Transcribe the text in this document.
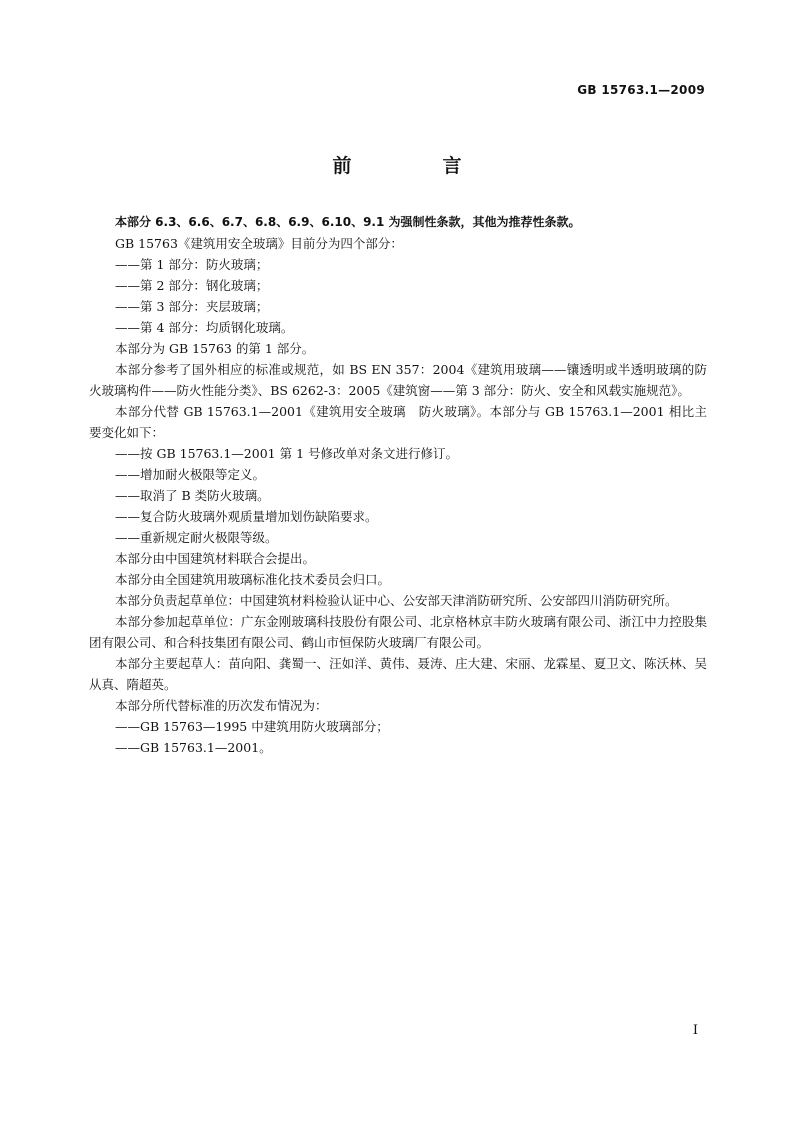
GB 15763.1—2009
前　言

本部分 6.3、6.6、6.7、6.8、6.9、6.10、9.1 为强制性条款，其他为推荐性条款。

GB 15763《建筑用安全玻璃》目前分为四个部分：

——第 1 部分：防火玻璃；

——第 2 部分：钢化玻璃；

——第 3 部分：夹层玻璃；

——第 4 部分：均质钢化玻璃。

本部分为 GB 15763 的第 1 部分。

本部分参考了国外相应的标准或规范，如 BS EN 357：2004《建筑用玻璃——镶透明或半透明玻璃的防火玻璃构件——防火性能分类》、BS 6262-3：2005《建筑窗——第 3 部分：防火、安全和风载实施规范》。

本部分代替 GB 15763.1—2001《建筑用安全玻璃　防火玻璃》。本部分与 GB 15763.1—2001 相比主要变化如下：

——按 GB 15763.1—2001 第 1 号修改单对条文进行修订。

——增加耐火极限等定义。

——取消了 B 类防火玻璃。

——复合防火玻璃外观质量增加划伤缺陷要求。

——重新规定耐火极限等级。

本部分由中国建筑材料联合会提出。

本部分由全国建筑用玻璃标准化技术委员会归口。

本部分负责起草单位：中国建筑材料检验认证中心、公安部天津消防研究所、公安部四川消防研究所。

本部分参加起草单位：广东金刚玻璃科技股份有限公司、北京格林京丰防火玻璃有限公司、浙江中力控股集团有限公司、和合科技集团有限公司、鹤山市恒保防火玻璃厂有限公司。

本部分主要起草人：苗向阳、龚蜀一、汪如洋、黄伟、聂涛、庄大建、宋丽、龙霖星、夏卫文、陈沃林、吴从真、隋超英。

本部分所代替标准的历次发布情况为：

——GB 15763—1995 中建筑用防火玻璃部分；

——GB 15763.1—2001。

I
